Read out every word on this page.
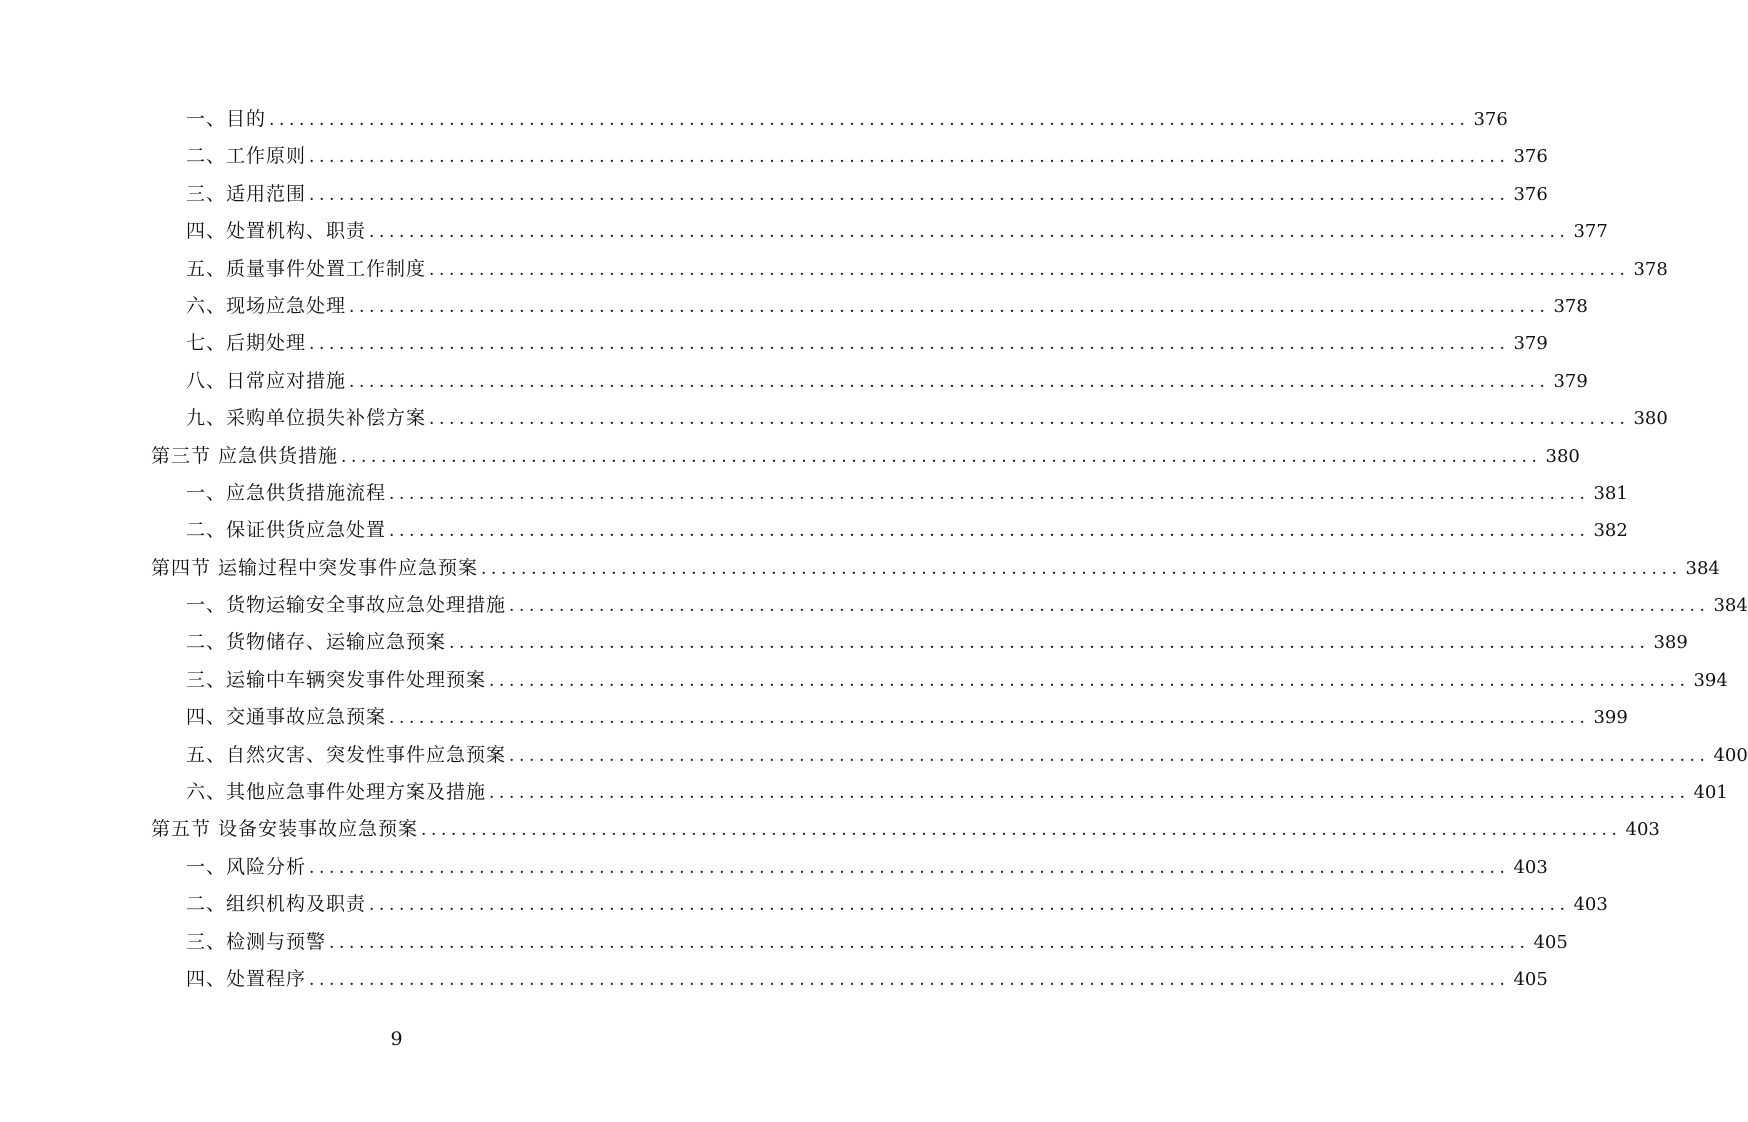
一、目的 ........................................................................................................................ 376
二、工作原则 ........................................................................................................................ 376
三、适用范围 ........................................................................................................................ 376
四、处置机构、职责 ........................................................................................................................ 377
五、质量事件处置工作制度 ........................................................................................................................ 378
六、现场应急处理 ........................................................................................................................ 378
七、后期处理 ........................................................................................................................ 379
八、日常应对措施 ........................................................................................................................ 379
九、采购单位损失补偿方案 ........................................................................................................................ 380
第三节 应急供货措施 ........................................................................................................................ 380
一、应急供货措施流程 ........................................................................................................................ 381
二、保证供货应急处置 ........................................................................................................................ 382
第四节 运输过程中突发事件应急预案 ........................................................................................................................ 384
一、货物运输安全事故应急处理措施 ........................................................................................................................ 384
二、货物储存、运输应急预案 ........................................................................................................................ 389
三、运输中车辆突发事件处理预案 ........................................................................................................................ 394
四、交通事故应急预案 ........................................................................................................................ 399
五、自然灾害、突发性事件应急预案 ........................................................................................................................ 400
六、其他应急事件处理方案及措施 ........................................................................................................................ 401
第五节 设备安装事故应急预案 ........................................................................................................................ 403
一、风险分析 ........................................................................................................................ 403
二、组织机构及职责 ........................................................................................................................ 403
三、检测与预警 ........................................................................................................................ 405
四、处置程序 ........................................................................................................................ 405
9
